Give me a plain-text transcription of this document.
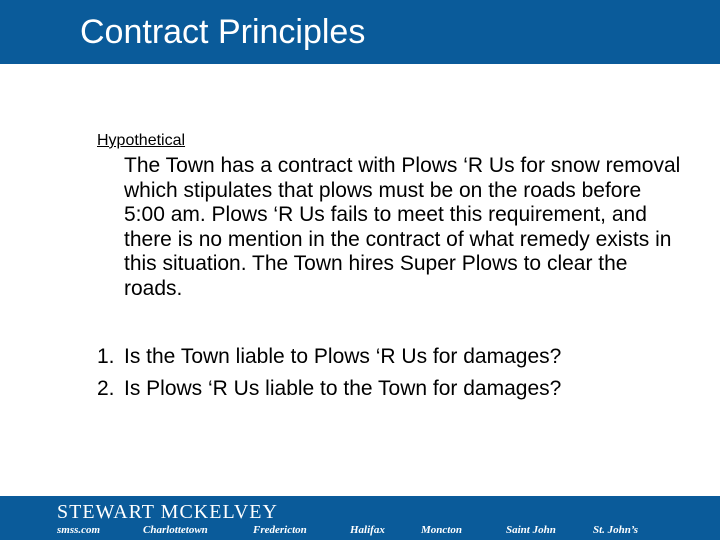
Contract Principles
Hypothetical
The Town has a contract with Plows ‘R Us for snow removal which stipulates that plows must be on the roads before 5:00 am. Plows ‘R Us fails to meet this requirement, and there is no mention in the contract of what remedy exists in this situation. The Town hires Super Plows to clear the roads.
1. Is the Town liable to Plows ‘R Us for damages?
2. Is Plows ‘R Us liable to the Town for damages?
STEWART MCKELVEY
smss.com	Charlottetown	Fredericton	Halifax	Moncton	Saint John	St. John’s
